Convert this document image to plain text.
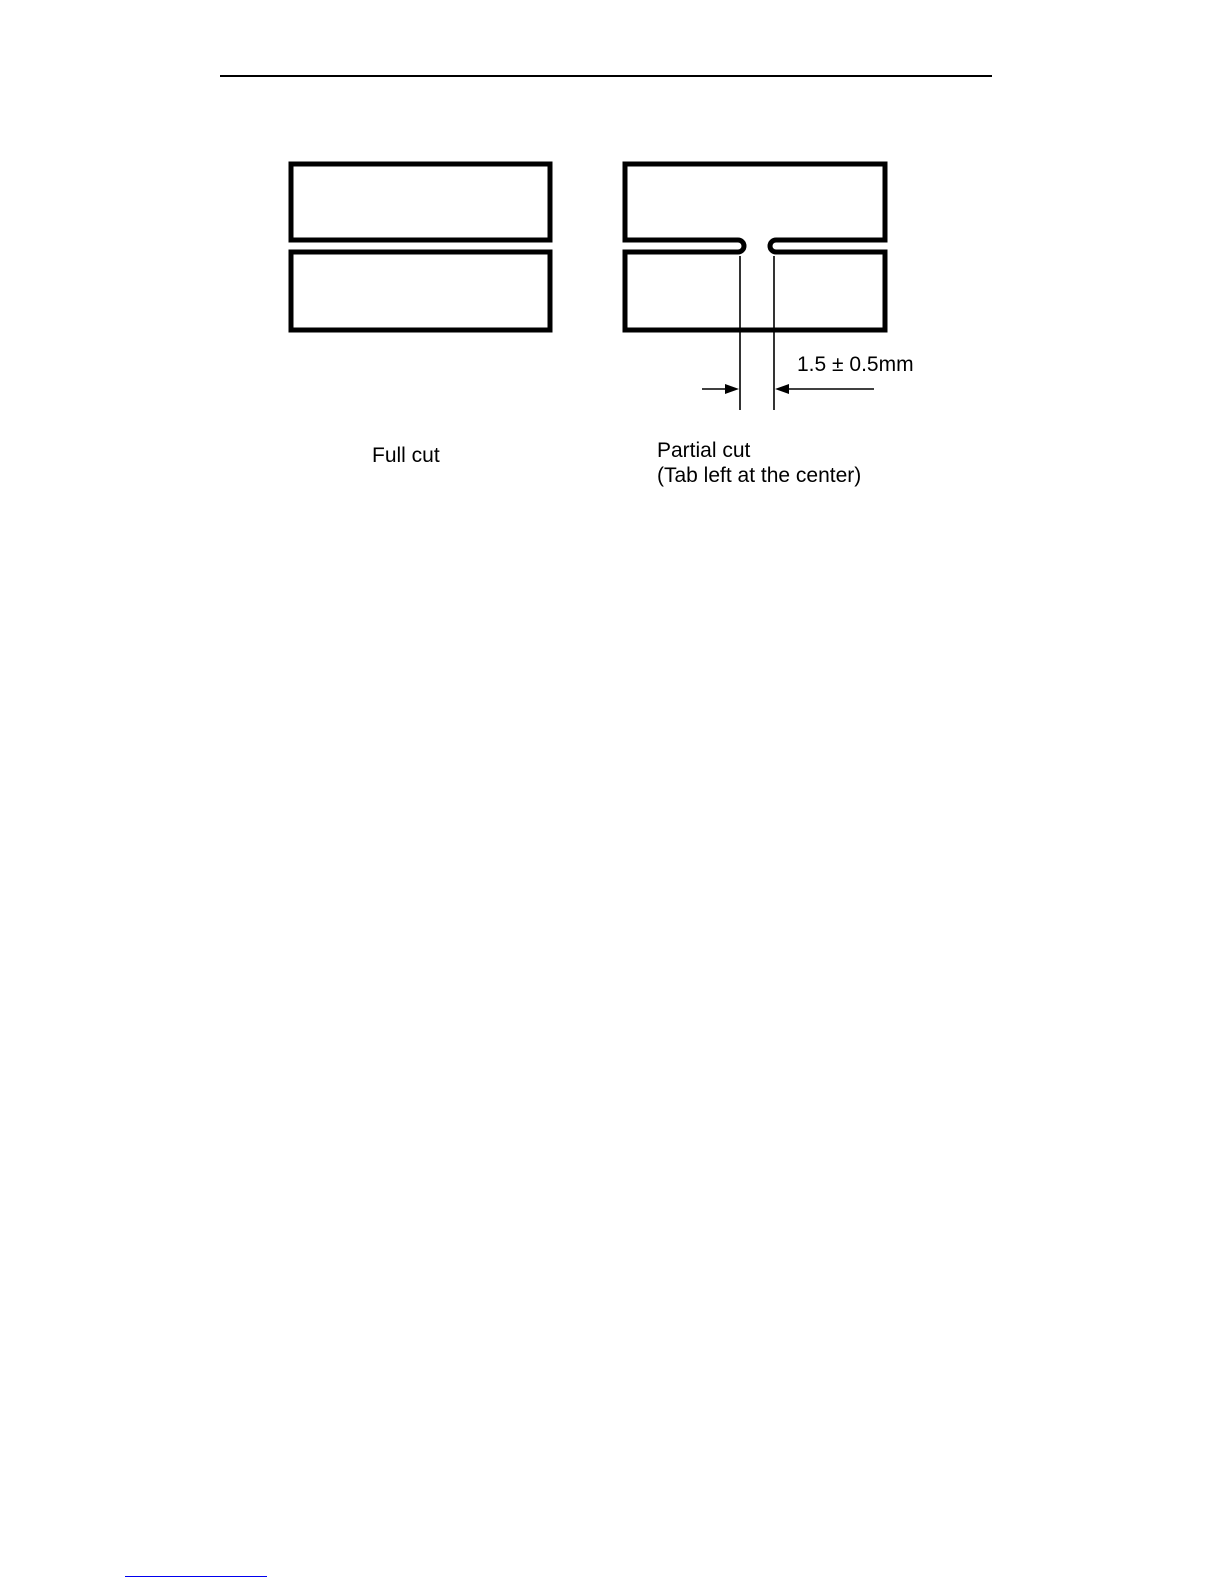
1.5 ± 0.5mm
Full cut	Partial cut
(Tab left at the center)
